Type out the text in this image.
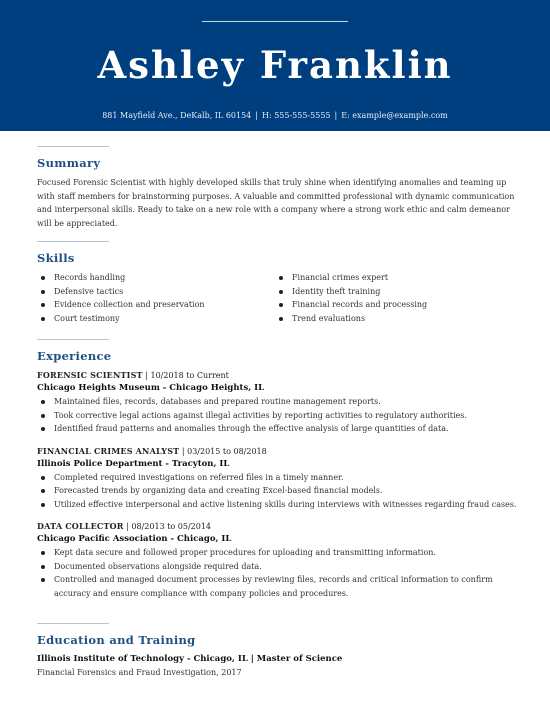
Ashley Franklin
881 Mayfield Ave., DeKalb, IL 60154 | H: 555-555-5555 | E: example@example.com
Summary
Focused Forensic Scientist with highly developed skills that truly shine when identifying anomalies and teaming up with staff members for brainstorming purposes. A valuable and committed professional with dynamic communication and interpersonal skills. Ready to take on a new role with a company where a strong work ethic and calm demeanor will be appreciated.
Skills
Records handling
Defensive tactics
Evidence collection and preservation
Court testimony
Financial crimes expert
Identity theft training
Financial records and processing
Trend evaluations
Experience
FORENSIC SCIENTIST | 10/2018 to Current
Chicago Heights Museum - Chicago Heights, IL
Maintained files, records, databases and prepared routine management reports.
Took corrective legal actions against illegal activities by reporting activities to regulatory authorities.
Identified fraud patterns and anomalies through the effective analysis of large quantities of data.
FINANCIAL CRIMES ANALYST | 03/2015 to 08/2018
Illinois Police Department - Tracyton, IL
Completed required investigations on referred files in a timely manner.
Forecasted trends by organizing data and creating Excel-based financial models.
Utilized effective interpersonal and active listening skills during interviews with witnesses regarding fraud cases.
DATA COLLECTOR | 08/2013 to 05/2014
Chicago Pacific Association - Chicago, IL
Kept data secure and followed proper procedures for uploading and transmitting information.
Documented observations alongside required data.
Controlled and managed document processes by reviewing files, records and critical information to confirm accuracy and ensure compliance with company policies and procedures.
Education and Training
Illinois Institute of Technology - Chicago, IL | Master of Science
Financial Forensics and Fraud Investigation, 2017
